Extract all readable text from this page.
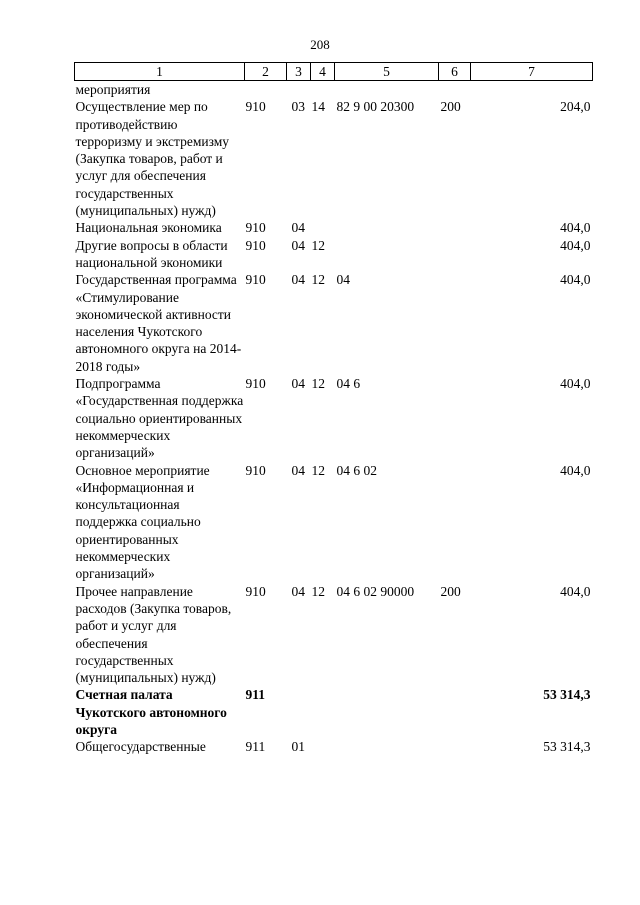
208
1	2	3	4	5	6	7
мероприятия						
Осуществление мер по противодействию терроризму и экстремизму (Закупка товаров, работ и услуг для обеспечения государственных (муниципальных) нужд)	910	03	14	82 9 00 20300	200	204,0
Национальная экономика	910	04				404,0
Другие вопросы в области национальной экономики	910	04	12			404,0
Государственная программа «Стимулирование экономической активности населения Чукотского автономного округа на 2014-2018 годы»	910	04	12	04		404,0
Подпрограмма «Государственная поддержка социально ориентированных некоммерческих организаций»	910	04	12	04 6		404,0
Основное мероприятие «Информационная и консультационная поддержка социально ориентированных некоммерческих организаций»	910	04	12	04 6 02		404,0
Прочее направление расходов (Закупка товаров, работ и услуг для обеспечения государственных (муниципальных) нужд)	910	04	12	04 6 02 90000	200	404,0
Счетная палата Чукотского автономного округа	911					53 314,3
Общегосударственные	911	01				53 314,3
